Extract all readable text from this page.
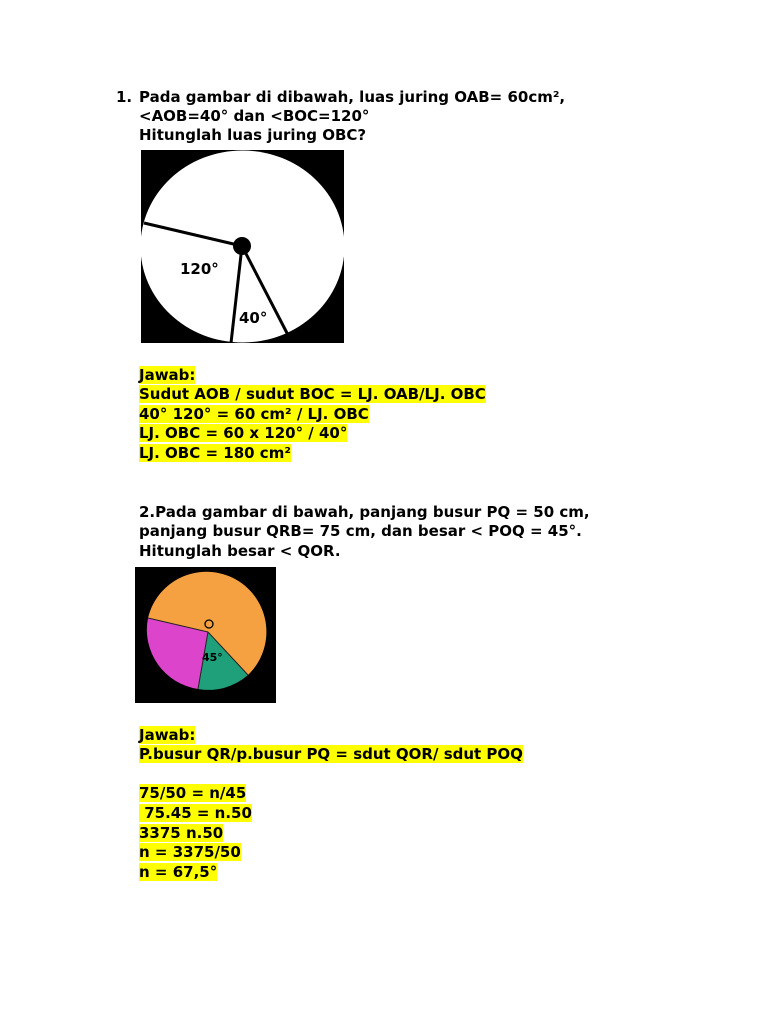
1. Pada gambar di dibawah, luas juring OAB= 60cm²,
<AOB=40° dan <BOC=120°
Hitunglah luas juring OBC?
120°
40°
Jawab:
Sudut AOB / sudut BOC = LJ. OAB/LJ. OBC
40° 120° = 60 cm² / LJ. OBC
LJ. OBC = 60 x 120° / 40°
LJ. OBC = 180 cm²
2.Pada gambar di bawah, panjang busur PQ = 50 cm,
panjang busur QRB= 75 cm, dan besar < POQ = 45°.
Hitunglah besar < QOR.
45°
Jawab:
P.busur QR/p.busur PQ = sdut QOR/ sdut POQ
75/50 = n/45
75.45 = n.50
3375 n.50
n = 3375/50
n = 67,5°
